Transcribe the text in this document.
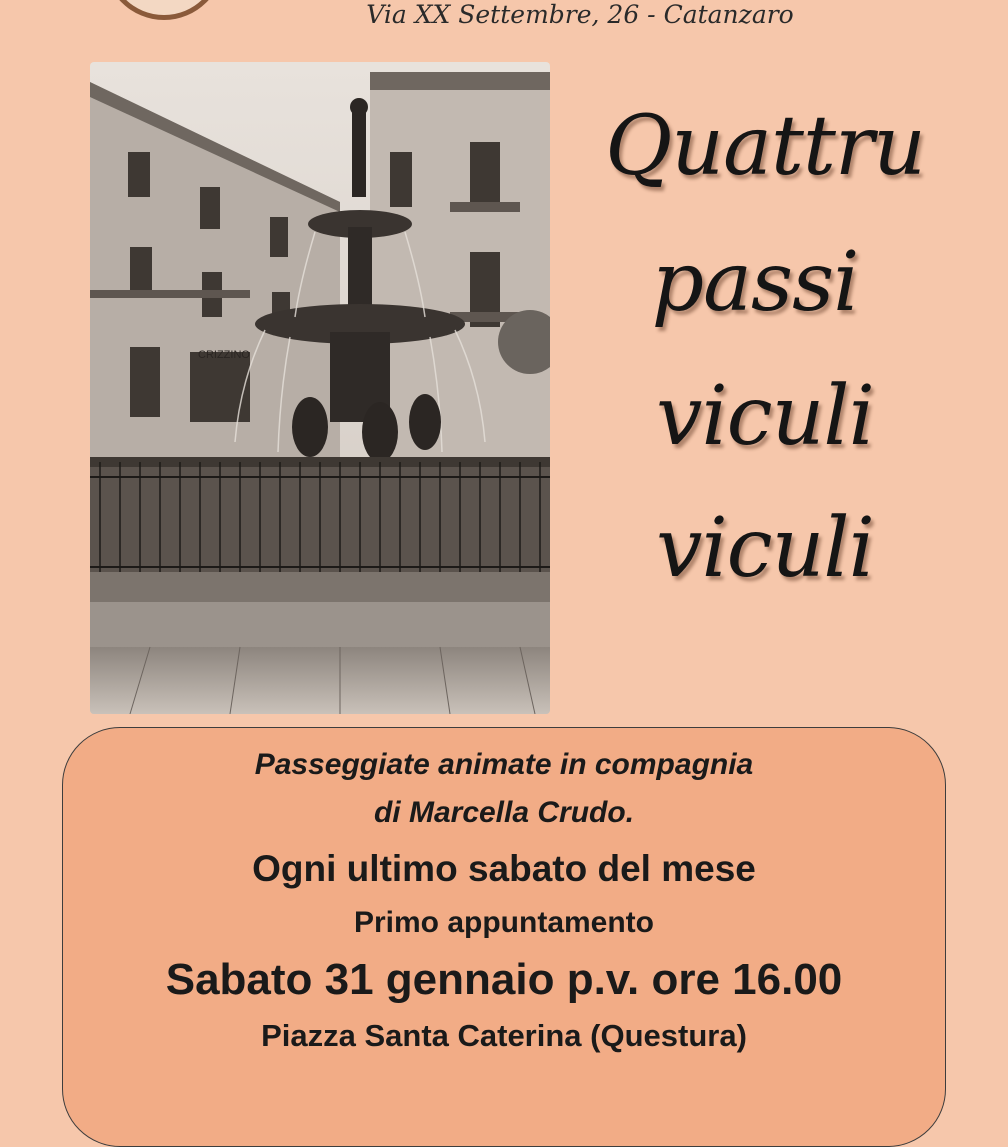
Via XX Settembre, 26 - Catanzaro
CRIZZINO
Quattru
passi
viculi
viculi
Passeggiate animate in compagnia
di Marcella Crudo.
Ogni ultimo sabato del mese
Primo appuntamento
Sabato 31 gennaio p.v. ore 16.00
Piazza Santa Caterina (Questura)
